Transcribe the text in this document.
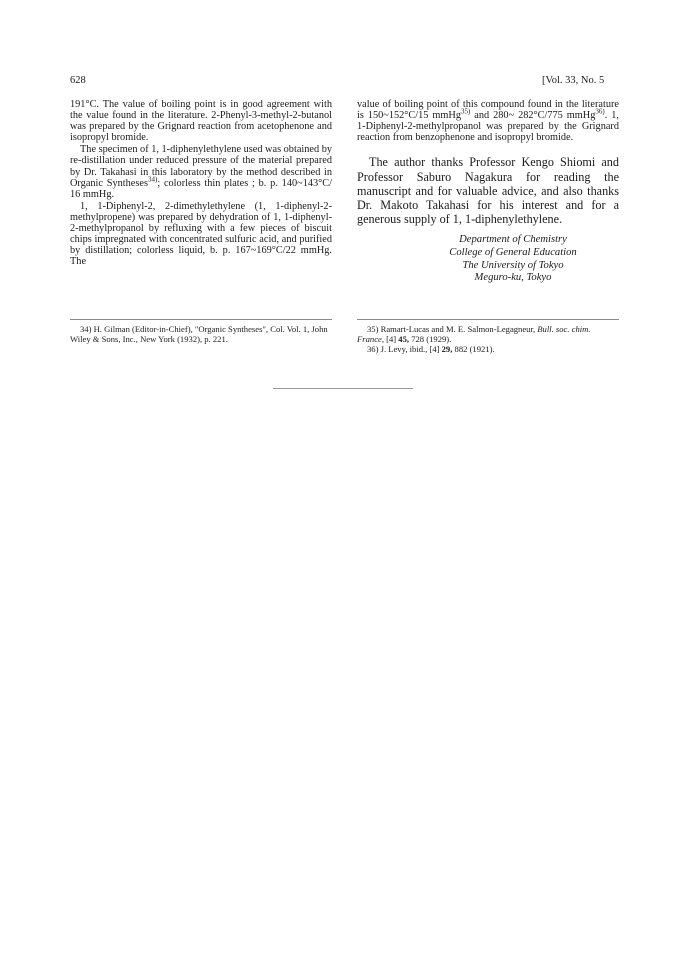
628	[Vol. 33, No. 5

191°C. The value of boiling point is in good agreement with the value found in the literature. 2-Phenyl-3-methyl-2-butanol was prepared by the Grignard reaction from acetophenone and isopropyl bromide.

The specimen of 1, 1-diphenylethylene used was obtained by re-distillation under reduced pressure of the material prepared by Dr. Takahasi in this laboratory by the method described in Organic Syntheses$^{34)}$; colorless thin plates ; b. p. 140~143°C/ 16 mmHg.

1, 1-Diphenyl-2, 2-dimethylethylene (1, 1-diphenyl-2-methylpropene) was prepared by dehydration of 1, 1-diphenyl-2-methylpropanol by refluxing with a few pieces of biscuit chips impregnated with concentrated sulfuric acid, and purified by distillation; colorless liquid, b. p. 167~169°C/22 mmHg. The

value of boiling point of this compound found in the literature is 150~152°C/15 mmHg$^{35)}$ and 280~ 282°C/775 mmHg$^{36)}$. 1, 1-Diphenyl-2-methylpropanol was prepared by the Grignard reaction from benzophenone and isopropyl bromide.

The author thanks Professor Kengo Shiomi and Professor Saburo Nagakura for reading the manuscript and for valuable advice, and also thanks Dr. Makoto Takahasi for his interest and for a generous supply of 1, 1-diphenylethylene.

Department of Chemistry
College of General Education
The University of Tokyo
Meguro-ku, Tokyo

34) H. Gilman (Editor-in-Chief), "Organic Syntheses", Col. Vol. 1, John Wiley & Sons, Inc., New York (1932), p. 221.

35) Ramart-Lucas and M. E. Salmon-Legagneur, Bull. soc. chim. France, [4] 45, 728 (1929).

36) J. Levy, ibid., [4] 29, 882 (1921).
